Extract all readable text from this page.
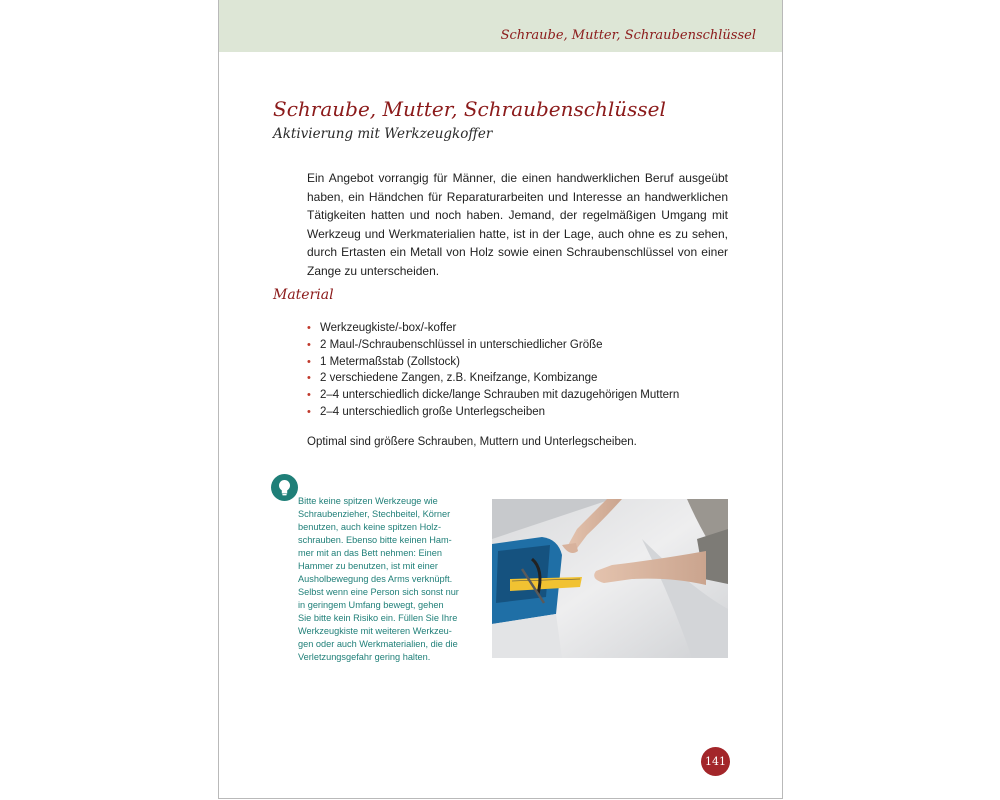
Schraube, Mutter, Schraubenschlüssel
Schraube, Mutter, Schraubenschlüssel
Aktivierung mit Werkzeugkoffer

Ein Angebot vorrangig für Männer, die einen handwerklichen Beruf ausgeübt haben, ein Händchen für Reparaturarbeiten und Interesse an handwerklichen Tätigkeiten hatten und noch haben. Jemand, der regelmäßigen Umgang mit Werkzeug und Werkmaterialien hatte, ist in der Lage, auch ohne es zu sehen, durch Ertasten ein Metall von Holz sowie einen Schraubenschlüssel von einer Zange zu unterscheiden.

Material
• Werkzeugkiste/-box/-koffer
• 2 Maul-/Schraubenschlüssel in unterschiedlicher Größe
• 1 Metermaßstab (Zollstock)
• 2 verschiedene Zangen, z.B. Kneifzange, Kombizange
• 2–4 unterschiedlich dicke/lange Schrauben mit dazugehörigen Muttern
• 2–4 unterschiedlich große Unterlegscheiben

Optimal sind größere Schrauben, Muttern und Unterlegscheiben.

Bitte keine spitzen Werkzeuge wie
Schraubenzieher, Stechbeitel, Körner
benutzen, auch keine spitzen Holz-
schrauben. Ebenso bitte keinen Ham-
mer mit an das Bett nehmen: Einen
Hammer zu benutzen, ist mit einer
Ausholbewegung des Arms verknüpft.
Selbst wenn eine Person sich sonst nur
in geringem Umfang bewegt, gehen
Sie bitte kein Risiko ein. Füllen Sie Ihre
Werkzeugkiste mit weiteren Werkzeu-
gen oder auch Werkmaterialien, die die
Verletzungsgefahr gering halten.
141
